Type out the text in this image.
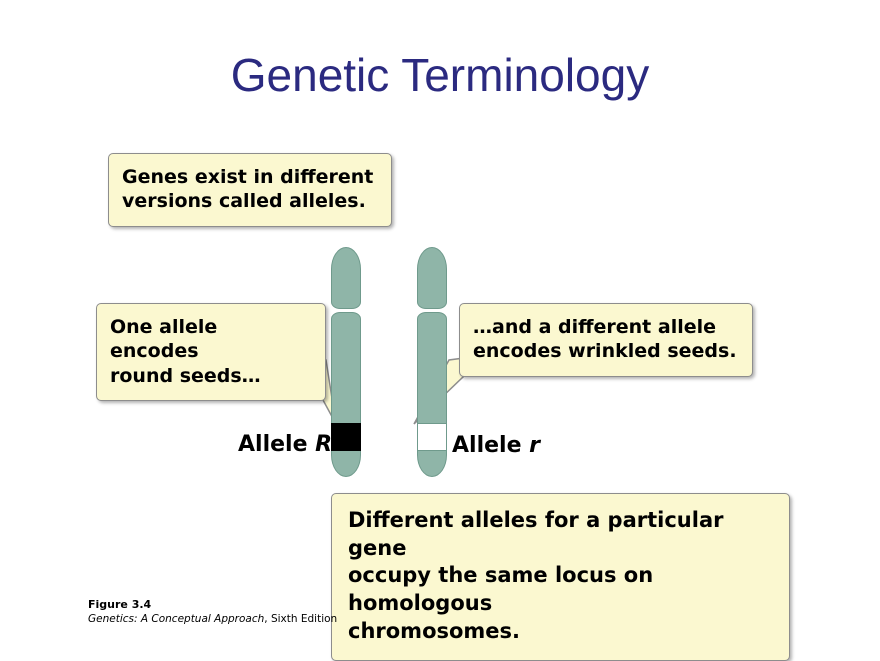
Genetic Terminology
Allele R	Allele r
Genes exist in different
versions called alleles.
One allele encodes
round seeds…
…and a different allele
encodes wrinkled seeds.
Different alleles for a particular gene
occupy the same locus on homologous
chromosomes.
Figure 3.4
Genetics: A Conceptual Approach, Sixth Edition
